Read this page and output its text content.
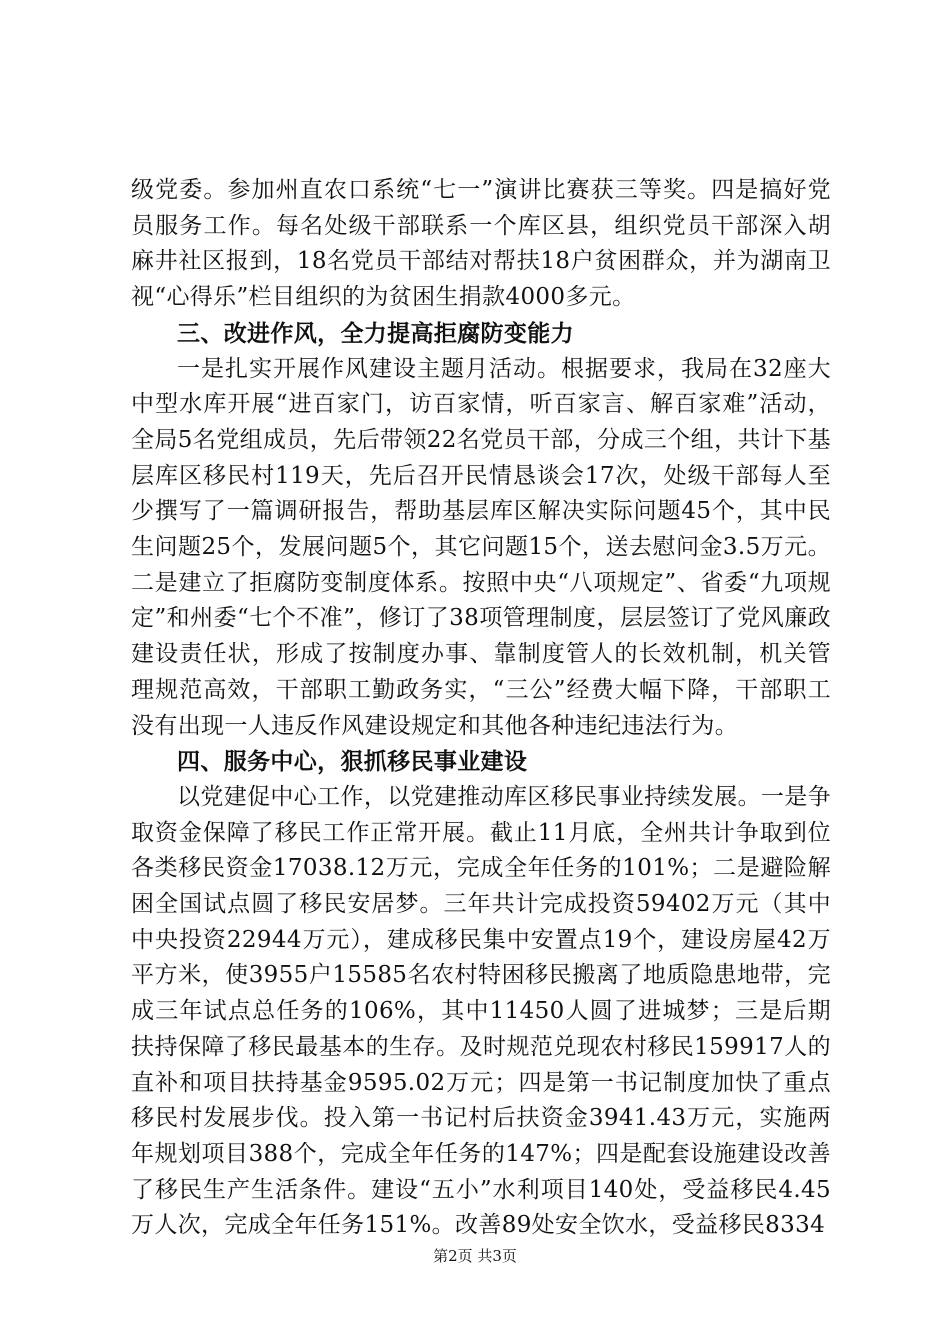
级党委。参加州直农口系统“七一”演讲比赛获三等奖。四是搞好党员服务工作。每名处级干部联系一个库区县，组织党员干部深入胡麻井社区报到，18名党员干部结对帮扶18户贫困群众，并为湖南卫视“心得乐”栏目组织的为贫困生捐款4000多元。

三、改进作风，全力提高拒腐防变能力

一是扎实开展作风建设主题月活动。根据要求，我局在32座大中型水库开展“进百家门，访百家情，听百家言、解百家难”活动，全局5名党组成员，先后带领22名党员干部，分成三个组，共计下基层库区移民村119天，先后召开民情恳谈会17次，处级干部每人至少撰写了一篇调研报告，帮助基层库区解决实际问题45个，其中民生问题25个，发展问题5个，其它问题15个，送去慰问金3.5万元。二是建立了拒腐防变制度体系。按照中央“八项规定”、省委“九项规定”和州委“七个不准”，修订了38项管理制度，层层签订了党风廉政建设责任状，形成了按制度办事、靠制度管人的长效机制，机关管理规范高效，干部职工勤政务实，“三公”经费大幅下降，干部职工没有出现一人违反作风建设规定和其他各种违纪违法行为。

四、服务中心，狠抓移民事业建设

以党建促中心工作，以党建推动库区移民事业持续发展。一是争取资金保障了移民工作正常开展。截止11月底，全州共计争取到位各类移民资金17038.12万元，完成全年任务的101%；二是避险解困全国试点圆了移民安居梦。三年共计完成投资59402万元（其中中央投资22944万元），建成移民集中安置点19个，建设房屋42万平方米，使3955户15585名农村特困移民搬离了地质隐患地带，完成三年试点总任务的106%，其中11450人圆了进城梦；三是后期扶持保障了移民最基本的生存。及时规范兑现农村移民159917人的直补和项目扶持基金9595.02万元；四是第一书记制度加快了重点移民村发展步伐。投入第一书记村后扶资金3941.43万元，实施两年规划项目388个，完成全年任务的147%；四是配套设施建设改善了移民生产生活条件。建设“五小”水利项目140处，受益移民4.45万人次，完成全年任务151%。改善89处安全饮水，受益移民8334

第2页 共3页
